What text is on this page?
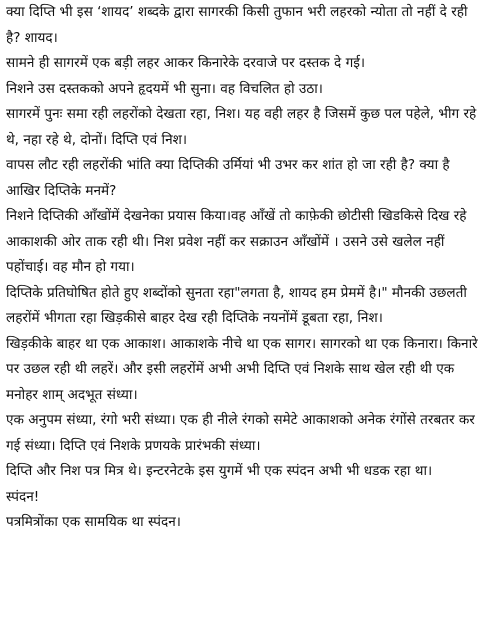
क्या दिप्ति भी इस ‘शायद’ शब्दके द्वारा सागरकी किसी तुफान भरी लहरको न्योता तो नहीं दे रही है? शायद।

सामने ही सागरमें एक बड़ी लहर आकर किनारेके दरवाजे पर दस्तक दे गई।

निशने उस दस्तकको अपने हृदयमें भी सुना। वह विचलित हो उठा।

सागरमें पुनः समा रही लहरोंको देखता रहा, निश। यह वही लहर है जिसमें कुछ पल पहेले, भीग रहे थे, नहा रहे थे, दोनों। दिप्ति एवं निश।

वापस लौट रही लहरोंकी भांति क्या दिप्तिकी उर्मियां भी उभर कर शांत हो जा रही है? क्या है आखिर दिप्तिके मनमें?

निशने दिप्तिकी आँखोंमें देखनेका प्रयास किया।वह आँखें तो काफ़ेकी छोटीसी खिडकिसे दिख रहे आकाशकी ओर ताक रही थी। निश प्रवेश नहीं कर सक्राउन आँखोंमें । उसने उसे खलेल नहीं पहोंचाई। वह मौन हो गया।

दिप्तिके प्रतिघोषित होते हुए शब्दोंको सुनता रहा"लगता है, शायद हम प्रेममें है।" मौनकी उछलती लहरोंमें भीगता रहा खिड़कीसे बाहर देख रही दिप्तिके नयनोंमें डूबता रहा, निश।

खिड़कीके बाहर था एक आकाश। आकाशके नीचे था एक सागर। सागरको था एक किनारा। किनारे पर उछल रही थी लहरें। और इसी लहरोंमें अभी अभी दिप्ति एवं निशके साथ खेल रही थी एक मनोहर शाम् अदभूत संध्या।

एक अनुपम संध्या, रंगो भरी संध्या। एक ही नीले रंगको समेटे आकाशको अनेक रंगोंसे तरबतर कर गई संध्या। दिप्ति एवं निशके प्रणयके प्रारंभकी संध्या।

दिप्ति और निश पत्र मित्र थे। इन्टरनेटके इस युगमें भी एक स्पंदन अभी भी धडक रहा था।

स्पंदन!

पत्रमित्रोंका एक सामयिक था स्पंदन।
